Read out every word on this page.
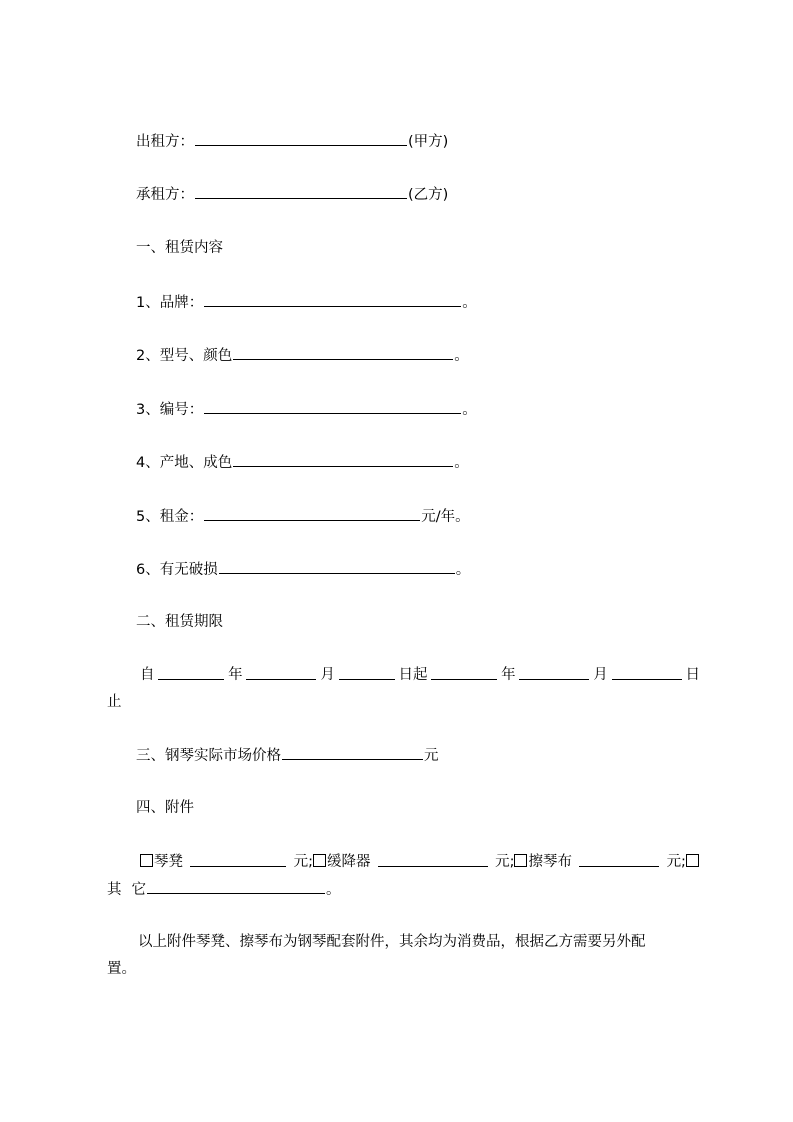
出租方：	(甲方)
承租方：	(乙方)
一、租赁内容
1、品牌：	。
2、型号、颜色	。
3、编号：	。
4、产地、成色	。
5、租金：	元/年。
6、有无破损	。
二、租赁期限
自	年	月	日起	年	月	日
止
三、钢琴实际市场价格	元
四、附件
琴凳	元; 缓降器	元; 擦琴布	元;
其 它	。
以上附件琴凳、擦琴布为钢琴配套附件，其余均为消费品，根据乙方需要另外配
置。
